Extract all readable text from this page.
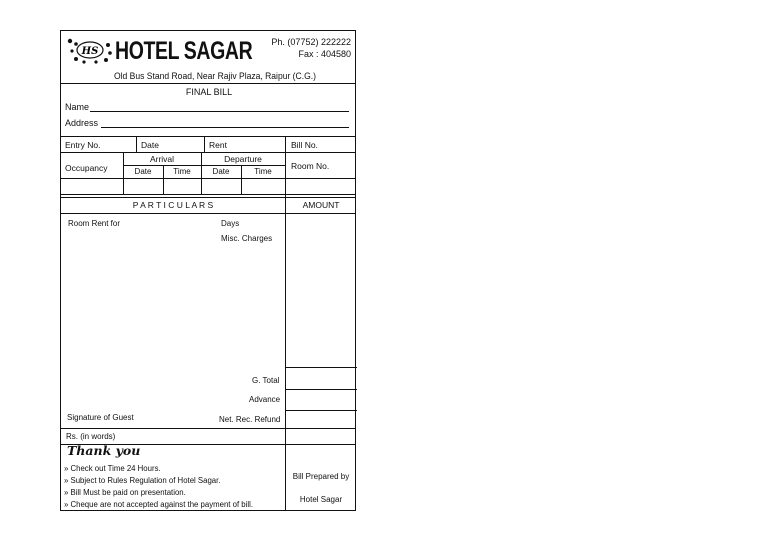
HS HOTEL SAGAR Ph. (07752) 222222
Fax : 404580
Old Bus Stand Road, Near Rajiv Plaza, Raipur (C.G.)
FINAL BILL
Name
Address
Entry No.	Date	Rent	Bill No.
Occupancy
Arrival	Departure
Date	Time	Date	Time
Room No.
P A R T I C U L A R S	AMOUNT
Room Rent for	Days
Misc. Charges
G. Total
Advance
Signature of Guest	Net. Rec. Refund
Rs. (in words)
Thank you
» Check out Time 24 Hours.
» Subject to Rules Regulation of Hotel Sagar.
» Bill Must be paid on presentation.
» Cheque are not accepted against the payment of bill.
Bill Prepared by
Hotel Sagar
